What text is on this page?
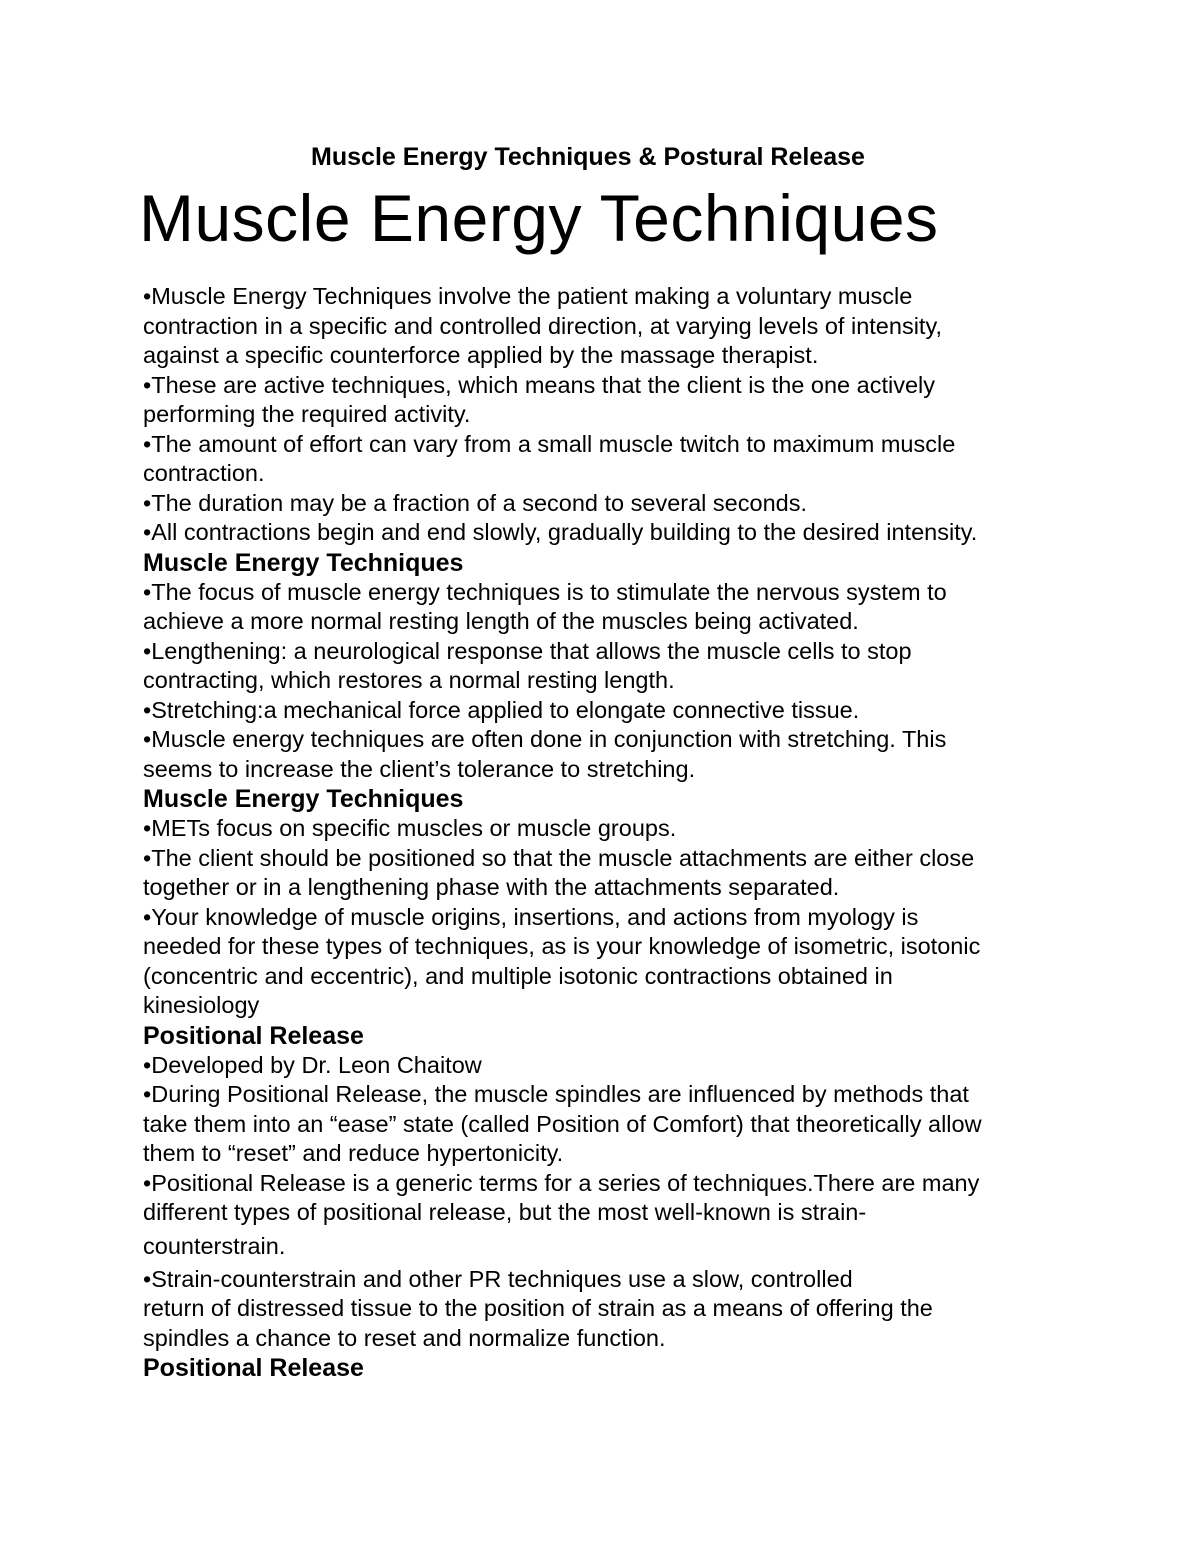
Muscle Energy Techniques & Postural Release
Muscle Energy Techniques

•Muscle Energy Techniques involve the patient making a voluntary muscle

contraction in a specific and controlled direction, at varying levels of intensity,

against a specific counterforce applied by the massage therapist.

•These are active techniques, which means that the client is the one actively

performing the required activity.

•The amount of effort can vary from a small muscle twitch to maximum muscle

contraction.

•The duration may be a fraction of a second to several seconds.

•All contractions begin and end slowly, gradually building to the desired intensity.

Muscle Energy Techniques

•The focus of muscle energy techniques is to stimulate the nervous system to

achieve a more normal resting length of the muscles being activated.

•Lengthening: a neurological response that allows the muscle cells to stop

contracting, which restores a normal resting length.

•Stretching:a mechanical force applied to elongate connective tissue.

•Muscle energy techniques are often done in conjunction with stretching. This

seems to increase the client’s tolerance to stretching.

Muscle Energy Techniques

•METs focus on specific muscles or muscle groups.

•The client should be positioned so that the muscle attachments are either close

together or in a lengthening phase with the attachments separated.

•Your knowledge of muscle origins, insertions, and actions from myology is

needed for these types of techniques, as is your knowledge of isometric, isotonic

(concentric and eccentric), and multiple isotonic contractions obtained in

kinesiology

Positional Release

•Developed by Dr. Leon Chaitow

•During Positional Release, the muscle spindles are influenced by methods that

take them into an “ease” state (called Position of Comfort) that theoretically allow

them to “reset” and reduce hypertonicity.

•Positional Release is a generic terms for a series of techniques.There are many

different types of positional release, but the most well-known is strain-

counterstrain.

•Strain-counterstrain and other PR techniques use a slow, controlled

return of distressed tissue to the position of strain as a means of offering the

spindles a chance to reset and normalize function.

Positional Release
